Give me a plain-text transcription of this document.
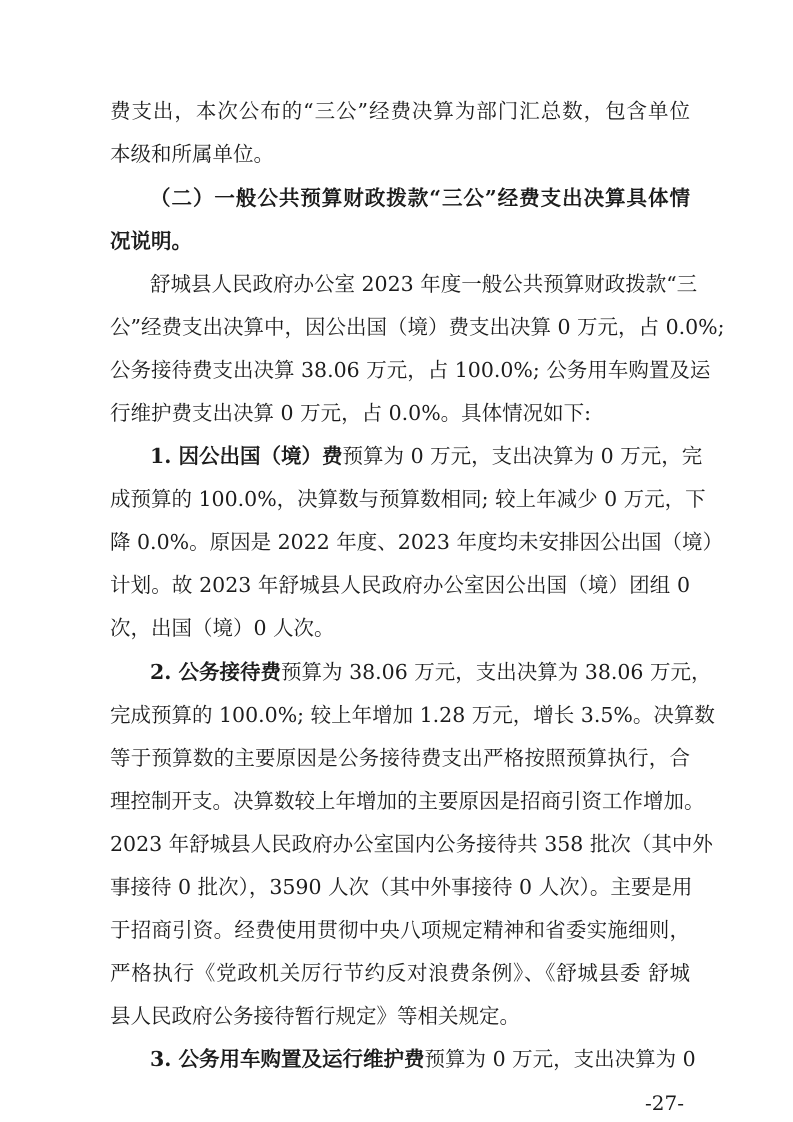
费支出，本次公布的“三公”经费决算为部门汇总数，包含单位
本级和所属单位。
（二）一般公共预算财政拨款“三公”经费支出决算具体情
况说明。
舒城县人民政府办公室 2023 年度一般公共预算财政拨款“三
公”经费支出决算中，因公出国（境）费支出决算 0 万元，占 0.0%;
公务接待费支出决算 38.06 万元，占 100.0%; 公务用车购置及运
行维护费支出决算 0 万元，占 0.0%。具体情况如下:
1. 因公出国（境）费预算为 0 万元，支出决算为 0 万元，完
成预算的 100.0%，决算数与预算数相同; 较上年减少 0 万元，下
降 0.0%。原因是 2022 年度、2023 年度均未安排因公出国（境）
计划。故 2023 年舒城县人民政府办公室因公出国（境）团组 0
次，出国（境）0 人次。
2. 公务接待费预算为 38.06 万元，支出决算为 38.06 万元，
完成预算的 100.0%; 较上年增加 1.28 万元，增长 3.5%。决算数
等于预算数的主要原因是公务接待费支出严格按照预算执行，合
理控制开支。决算数较上年增加的主要原因是招商引资工作增加。
2023 年舒城县人民政府办公室国内公务接待共 358 批次（其中外
事接待 0 批次），3590 人次（其中外事接待 0 人次）。主要是用
于招商引资。经费使用贯彻中央八项规定精神和省委实施细则，
严格执行《党政机关厉行节约反对浪费条例》、《舒城县委 舒城
县人民政府公务接待暂行规定》等相关规定。
3. 公务用车购置及运行维护费预算为 0 万元，支出决算为 0
-27-
